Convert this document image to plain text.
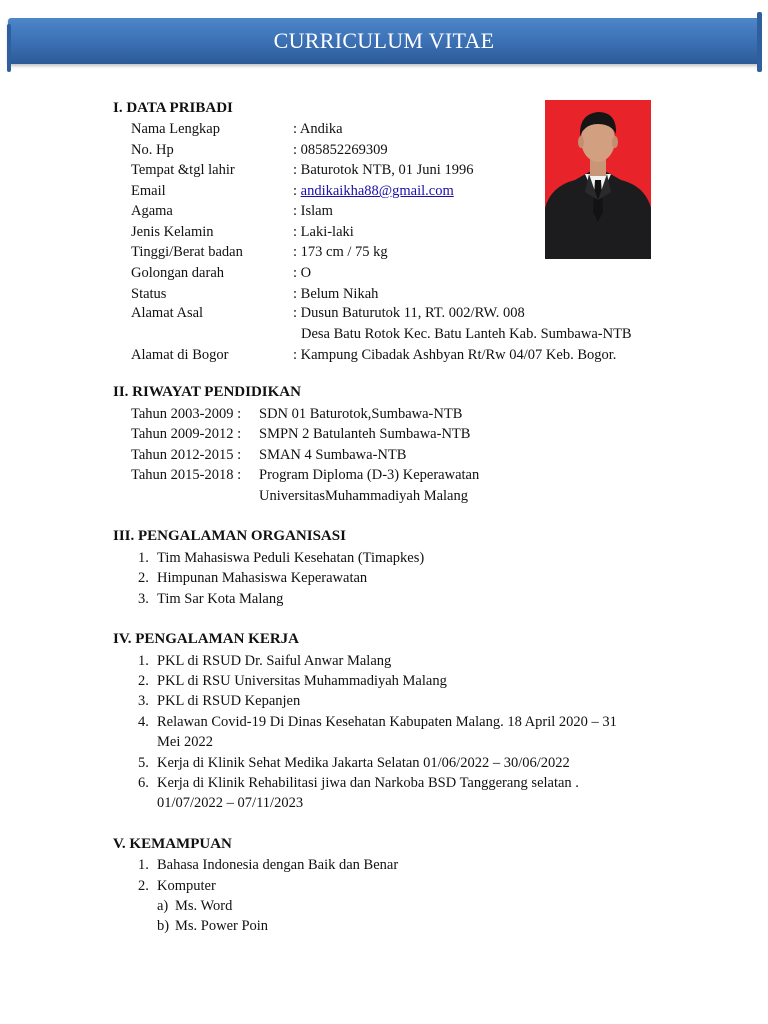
CURRICULUM VITAE
I. DATA PRIBADI
Nama Lengkap	: Andika
No. Hp	: 085852269309
Tempat &tgl lahir	: Baturotok NTB, 01 Juni 1996
Email	: andikaikha88@gmail.com
Agama	: Islam
Jenis Kelamin	: Laki-laki
Tinggi/Berat badan	: 173 cm / 75 kg
Golongan darah	: O
Status	: Belum Nikah
Alamat Asal	: Dusun Baturutok 11, RT. 002/RW. 008
Desa Batu Rotok Kec. Batu Lanteh Kab. Sumbawa-NTB
Alamat di Bogor	: Kampung Cibadak Ashbyan Rt/Rw 04/07 Keb. Bogor.
II. RIWAYAT PENDIDIKAN
Tahun 2003-2009 : SDN 01 Baturotok,Sumbawa-NTB
Tahun 2009-2012 : SMPN 2 Batulanteh Sumbawa-NTB
Tahun 2012-2015 : SMAN 4 Sumbawa-NTB
Tahun 2015-2018 : Program Diploma (D-3) Keperawatan
UniversitasMuhammadiyah Malang
III. PENGALAMAN ORGANISASI
1. Tim Mahasiswa Peduli Kesehatan (Timapkes)
2. Himpunan Mahasiswa Keperawatan
3. Tim Sar Kota Malang
IV. PENGALAMAN KERJA
1. PKL di RSUD Dr. Saiful Anwar Malang
2. PKL di RSU Universitas Muhammadiyah Malang
3. PKL di RSUD Kepanjen
4. Relawan Covid-19 Di Dinas Kesehatan Kabupaten Malang. 18 April 2020 – 31
Mei 2022
5. Kerja di Klinik Sehat Medika Jakarta Selatan 01/06/2022 – 30/06/2022
6. Kerja di Klinik Rehabilitasi jiwa dan Narkoba BSD Tanggerang selatan .
01/07/2022 – 07/11/2023
V. KEMAMPUAN
1. Bahasa Indonesia dengan Baik dan Benar
2. Komputer
a) Ms. Word
b) Ms. Power Poin
